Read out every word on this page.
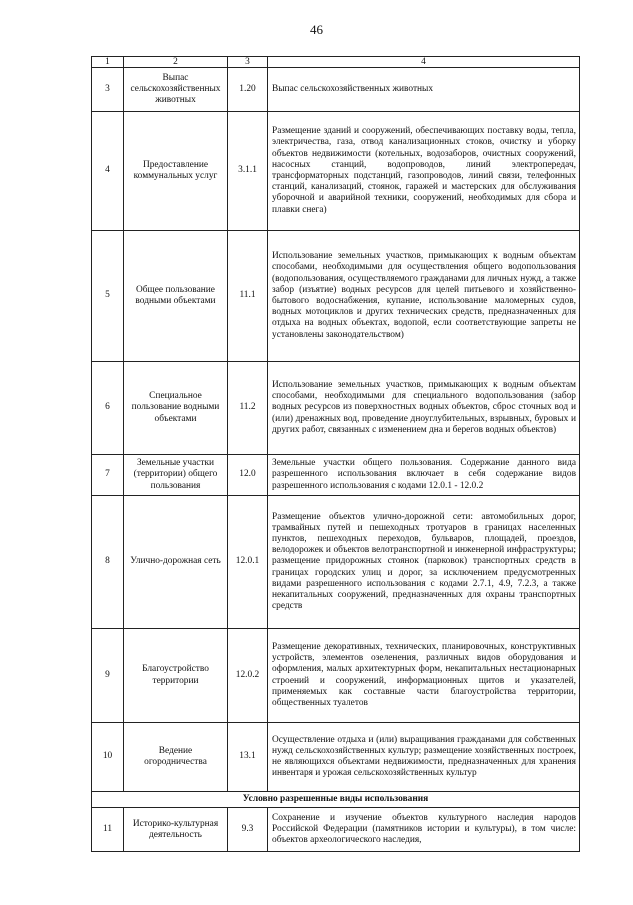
46
1	2	3	4
3	Выпас сельскохозяйственных животных	1.20	Выпас сельскохозяйственных животных
4	Предоставление коммунальных услуг	3.1.1	Размещение зданий и сооружений, обеспечивающих поставку воды, тепла, электричества, газа, отвод канализационных стоков, очистку и уборку объектов недвижимости (котельных, водозаборов, очистных сооружений, насосных станций, водопроводов, линий электропередач, трансформаторных подстанций, газопроводов, линий связи, телефонных станций, канализаций, стоянок, гаражей и мастерских для обслуживания уборочной и аварийной техники, сооружений, необходимых для сбора и плавки снега)
5	Общее пользование водными объектами	11.1	Использование земельных участков, примыкающих к водным объектам способами, необходимыми для осуществления общего водопользования (водопользования, осуществляемого гражданами для личных нужд, а также забор (изъятие) водных ресурсов для целей питьевого и хозяйственно-бытового водоснабжения, купание, использование маломерных судов, водных мотоциклов и других технических средств, предназначенных для отдыха на водных объектах, водопой, если соответствующие запреты не установлены законодательством)
6	Специальное пользование водными объектами	11.2	Использование земельных участков, примыкающих к водным объектам способами, необходимыми для специального водопользования (забор водных ресурсов из поверхностных водных объектов, сброс сточных вод и (или) дренажных вод, проведение дноуглубительных, взрывных, буровых и других работ, связанных с изменением дна и берегов водных объектов)
7	Земельные участки (территории) общего пользования	12.0	Земельные участки общего пользования. Содержание данного вида разрешенного использования включает в себя содержание видов разрешенного использования с кодами 12.0.1 - 12.0.2
8	Улично-дорожная сеть	12.0.1	Размещение объектов улично-дорожной сети: автомобильных дорог, трамвайных путей и пешеходных тротуаров в границах населенных пунктов, пешеходных переходов, бульваров, площадей, проездов, велодорожек и объектов велотранспортной и инженерной инфраструктуры; размещение придорожных стоянок (парковок) транспортных средств в границах городских улиц и дорог, за исключением предусмотренных видами разрешенного использования с кодами 2.7.1, 4.9, 7.2.3, а также некапитальных сооружений, предназначенных для охраны транспортных средств
9	Благоустройство территории	12.0.2	Размещение декоративных, технических, планировочных, конструктивных устройств, элементов озеленения, различных видов оборудования и оформления, малых архитектурных форм, некапитальных нестационарных строений и сооружений, информационных щитов и указателей, применяемых как составные части благоустройства территории, общественных туалетов
10	Ведение огородничества	13.1	Осуществление отдыха и (или) выращивания гражданами для собственных нужд сельскохозяйственных культур; размещение хозяйственных построек, не являющихся объектами недвижимости, предназначенных для хранения инвентаря и урожая сельскохозяйственных культур
Условно разрешенные виды использования			
11	Историко-культурная деятельность	9.3	Сохранение и изучение объектов культурного наследия народов Российской Федерации (памятников истории и культуры), в том числе: объектов археологического наследия,
